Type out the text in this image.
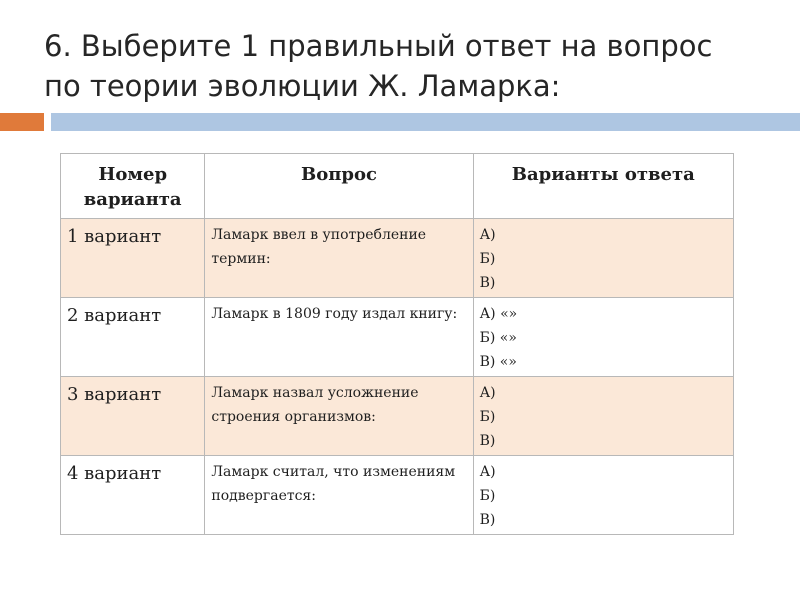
6. Выберите 1 правильный ответ на вопрос
по теории эволюции Ж. Ламарка:
Номер варианта	Вопрос	Варианты ответа
1 вариант	Ламарк ввел в употребление термин:	А)
Б)
В)

2 вариант	Ламарк в 1809 году издал книгу:	А) «»
Б) «»
В) «»

3 вариант	Ламарк назвал усложнение строения организмов:	А)
Б)
В)

4 вариант	Ламарк считал, что изменениям подвергается:	А)
Б)
В)
